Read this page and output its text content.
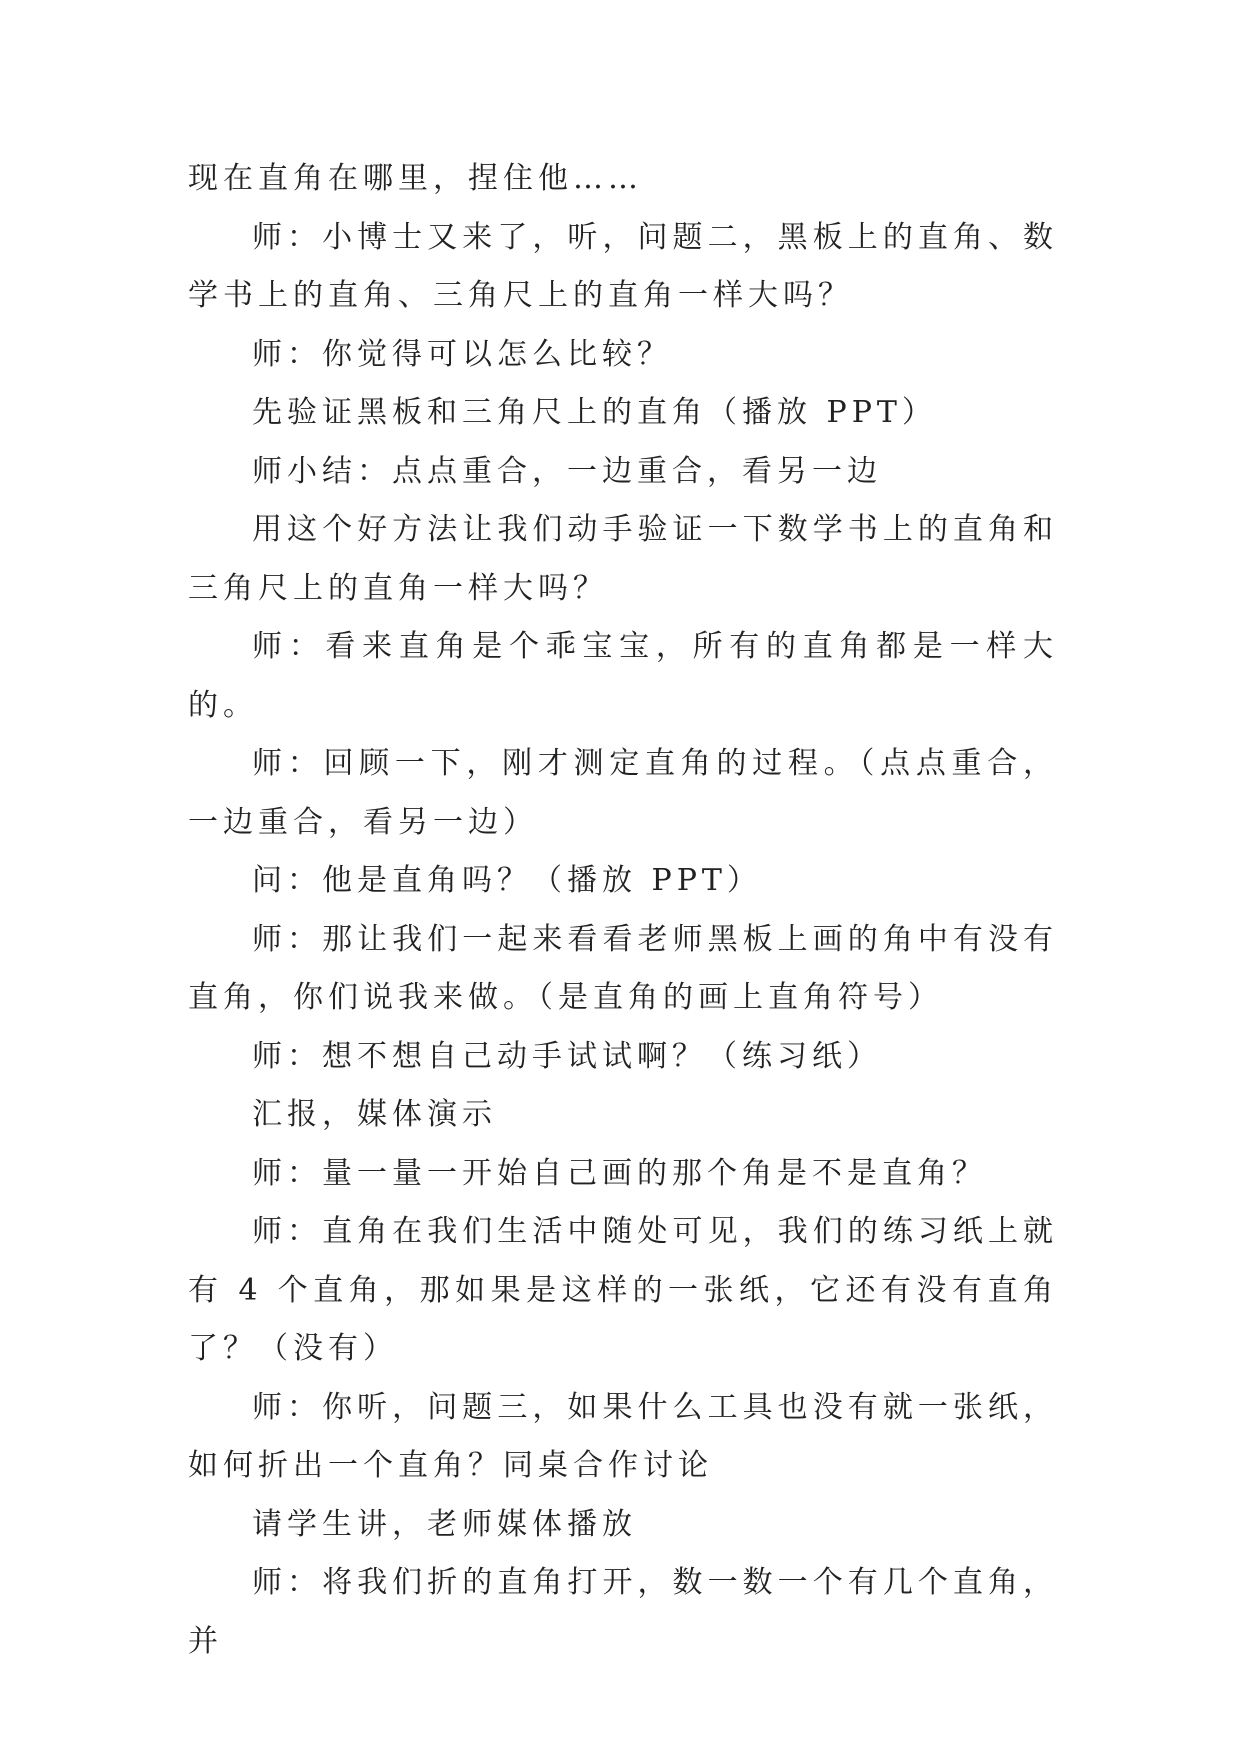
现在直角在哪里，捏住他……

师：小博士又来了，听，问题二，黑板上的直角、数学书上的直角、三角尺上的直角一样大吗？

师：你觉得可以怎么比较？

先验证黑板和三角尺上的直角（播放 PPT）

师小结：点点重合，一边重合，看另一边

用这个好方法让我们动手验证一下数学书上的直角和三角尺上的直角一样大吗？

师：看来直角是个乖宝宝，所有的直角都是一样大的。

师：回顾一下，刚才测定直角的过程。（点点重合，一边重合，看另一边）

问：他是直角吗？（播放 PPT）

师：那让我们一起来看看老师黑板上画的角中有没有直角，你们说我来做。（是直角的画上直角符号）

师：想不想自己动手试试啊？（练习纸）

汇报，媒体演示

师：量一量一开始自己画的那个角是不是直角？

师：直角在我们生活中随处可见，我们的练习纸上就有 4 个直角，那如果是这样的一张纸，它还有没有直角了？（没有）

师：你听，问题三，如果什么工具也没有就一张纸，如何折出一个直角？同桌合作讨论

请学生讲，老师媒体播放

师：将我们折的直角打开，数一数一个有几个直角，并
